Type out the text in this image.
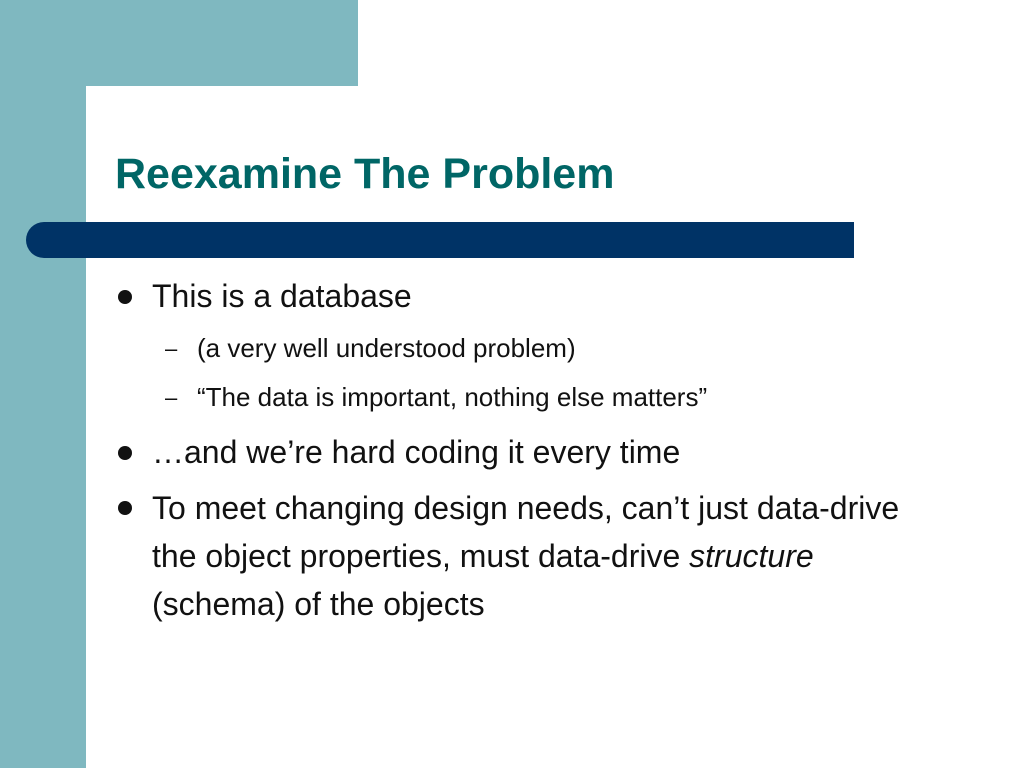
Reexamine The Problem
This is a database
– (a very well understood problem)
– “The data is important, nothing else matters”
…and we’re hard coding it every time
To meet changing design needs, can’t just data-drive the object properties, must data-drive structure (schema) of the objects
